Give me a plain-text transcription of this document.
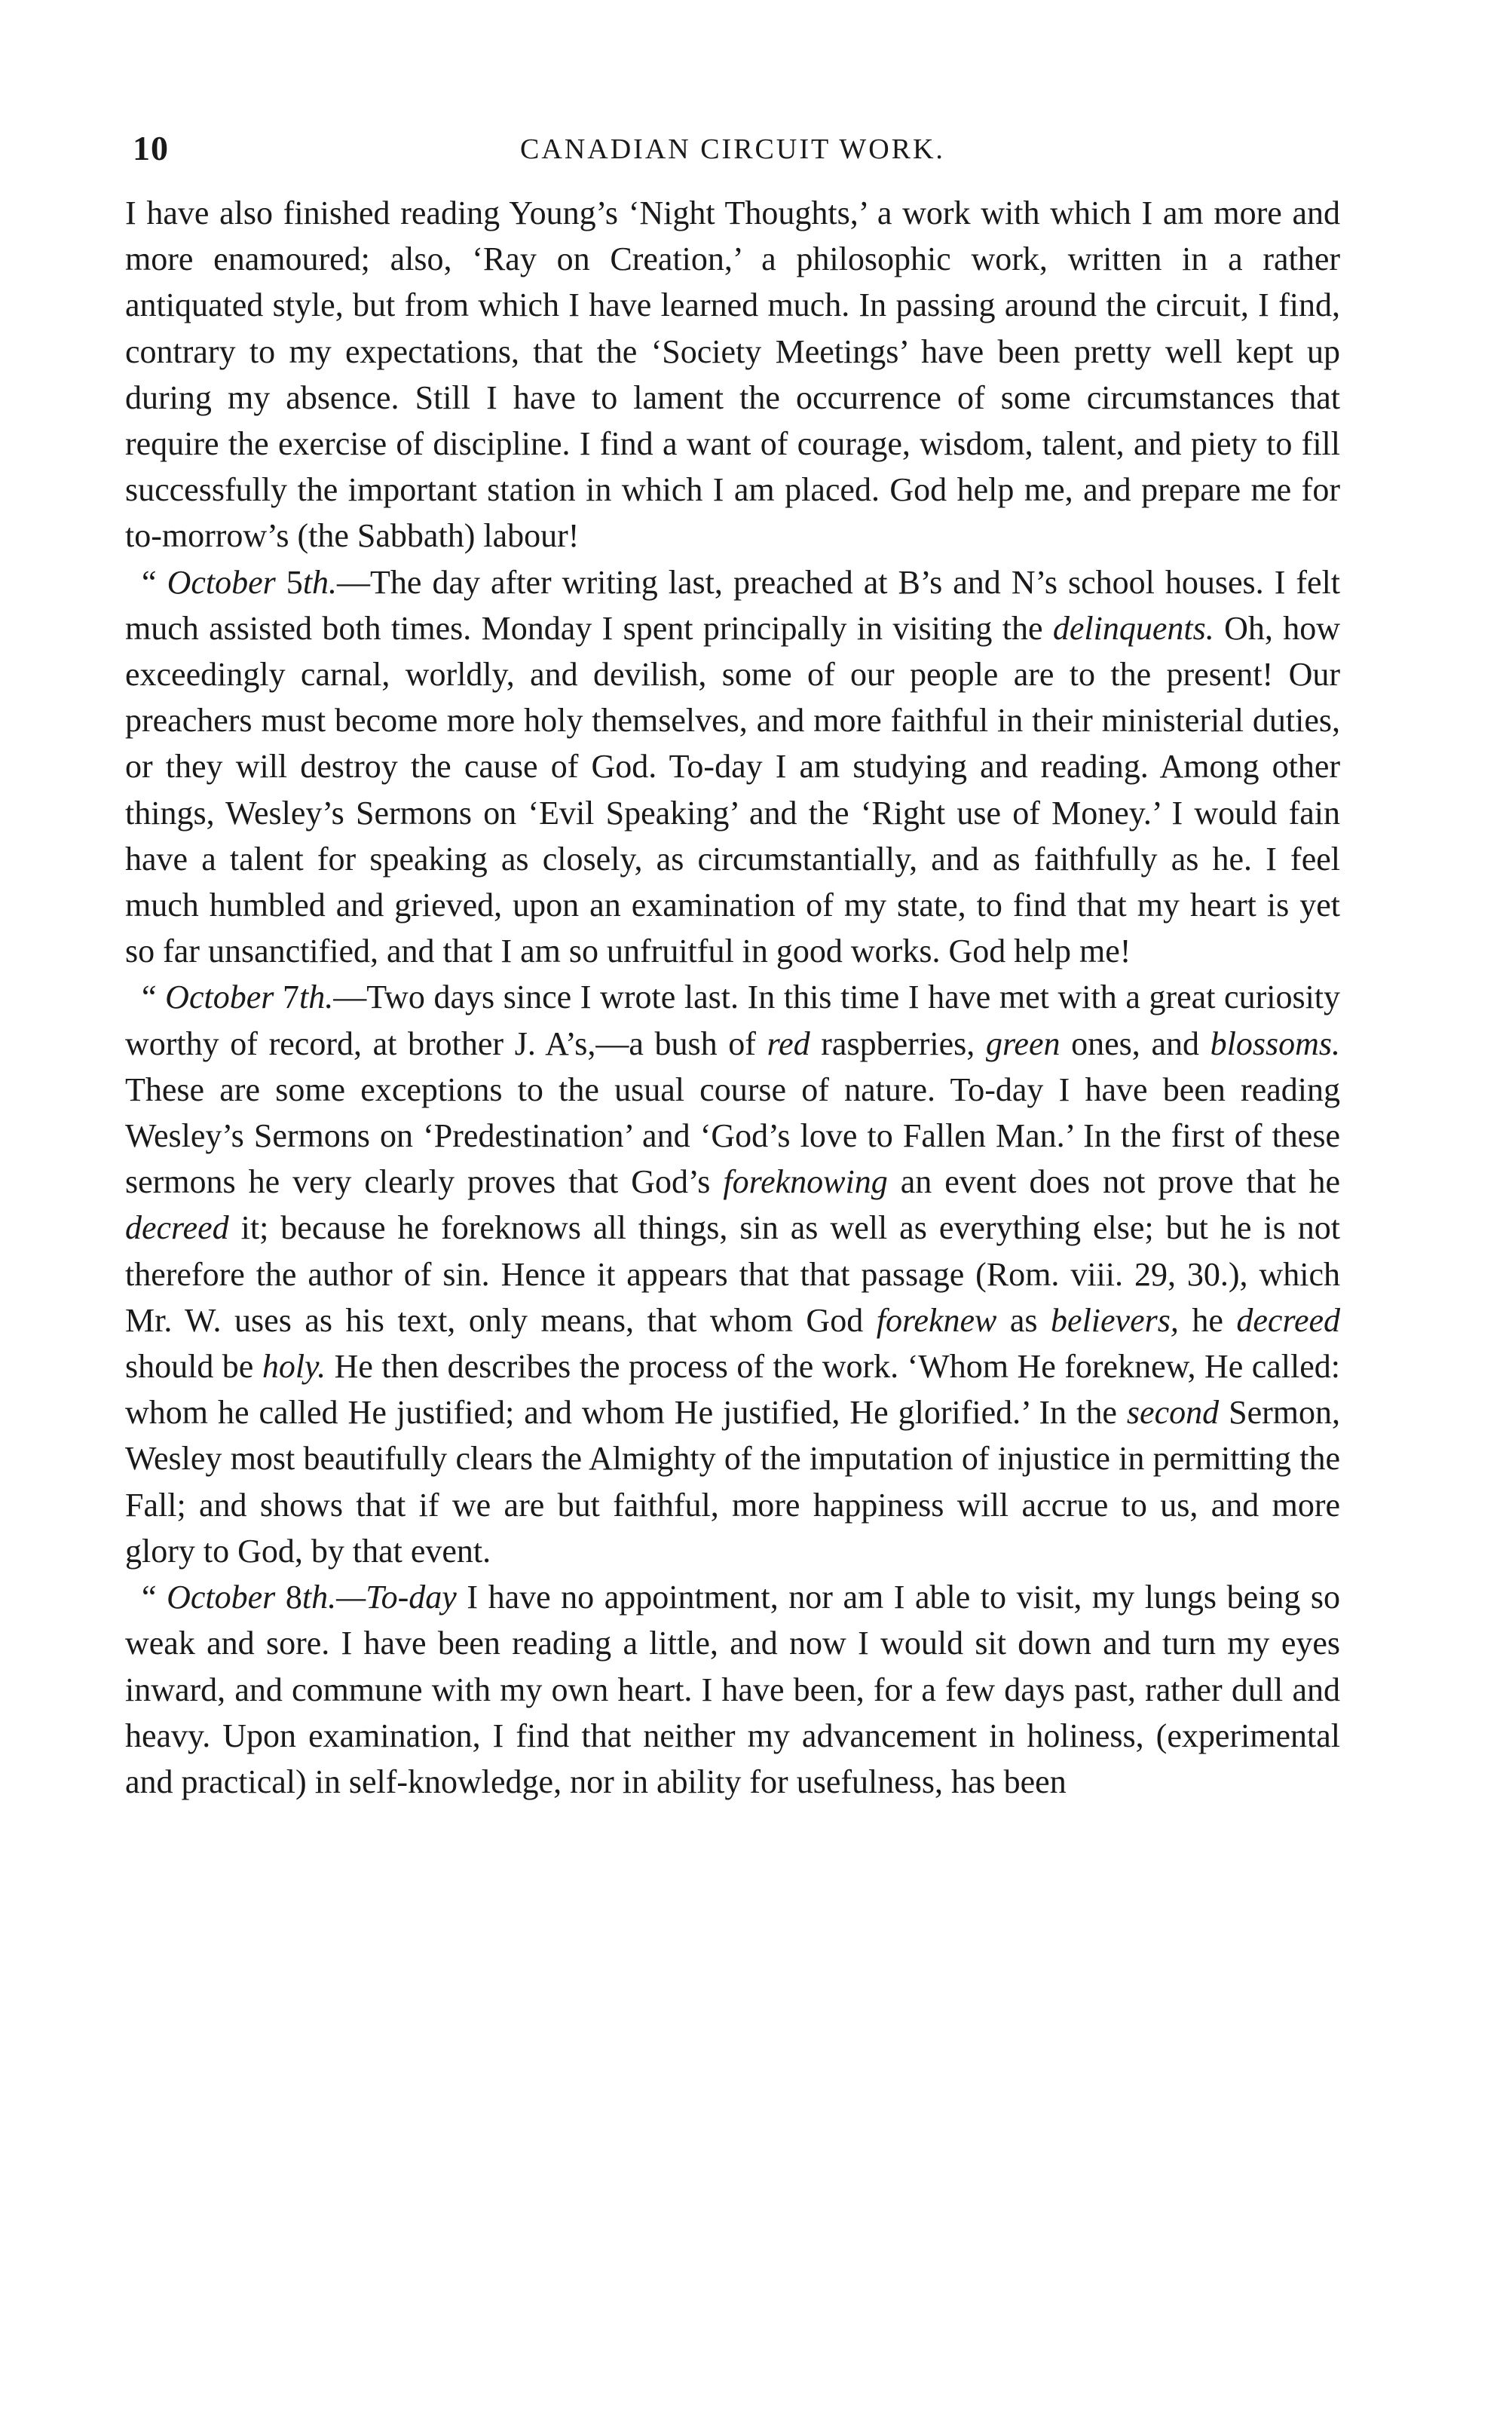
10	CANADIAN CIRCUIT WORK.

I have also finished reading Young’s ‘Night Thoughts,’ a work with which I am more and more enamoured; also, ‘Ray on Creation,’ a philosophic work, written in a rather antiquated style, but from which I have learned much. In passing around the circuit, I find, contrary to my expectations, that the ‘Society Meetings’ have been pretty well kept up during my absence. Still I have to lament the occurrence of some circumstances that require the exercise of discipline. I find a want of courage, wisdom, talent, and piety to fill successfully the important station in which I am placed. God help me, and prepare me for to-morrow’s (the Sabbath) labour!

“ October 5th.—The day after writing last, preached at B’s and N’s school houses. I felt much assisted both times. Monday I spent principally in visiting the delinquents. Oh, how exceedingly carnal, worldly, and devilish, some of our people are to the present! Our preachers must become more holy themselves, and more faithful in their ministerial duties, or they will destroy the cause of God. To-day I am studying and reading. Among other things, Wesley’s Sermons on ‘Evil Speaking’ and the ‘Right use of Money.’ I would fain have a talent for speaking as closely, as circumstantially, and as faithfully as he. I feel much humbled and grieved, upon an examination of my state, to find that my heart is yet so far unsanctified, and that I am so unfruitful in good works. God help me!

“ October 7th.—Two days since I wrote last. In this time I have met with a great curiosity worthy of record, at brother J. A’s,—a bush of red raspberries, green ones, and blossoms. These are some exceptions to the usual course of nature. To-day I have been reading Wesley’s Sermons on ‘Predestination’ and ‘God’s love to Fallen Man.’ In the first of these sermons he very clearly proves that God’s foreknowing an event does not prove that he decreed it; because he foreknows all things, sin as well as everything else; but he is not therefore the author of sin. Hence it appears that that passage (Rom. viii. 29, 30.), which Mr. W. uses as his text, only means, that whom God foreknew as believers, he decreed should be holy. He then describes the process of the work. ‘Whom He foreknew, He called: whom he called He justified; and whom He justified, He glorified.’ In the second Sermon, Wesley most beautifully clears the Almighty of the imputation of injustice in permitting the Fall; and shows that if we are but faithful, more happiness will accrue to us, and more glory to God, by that event.

“ October 8th.—To-day I have no appointment, nor am I able to visit, my lungs being so weak and sore. I have been reading a little, and now I would sit down and turn my eyes inward, and commune with my own heart. I have been, for a few days past, rather dull and heavy. Upon examination, I find that neither my advancement in holiness, (experimental and practical) in self-knowledge, nor in ability for usefulness, has been
